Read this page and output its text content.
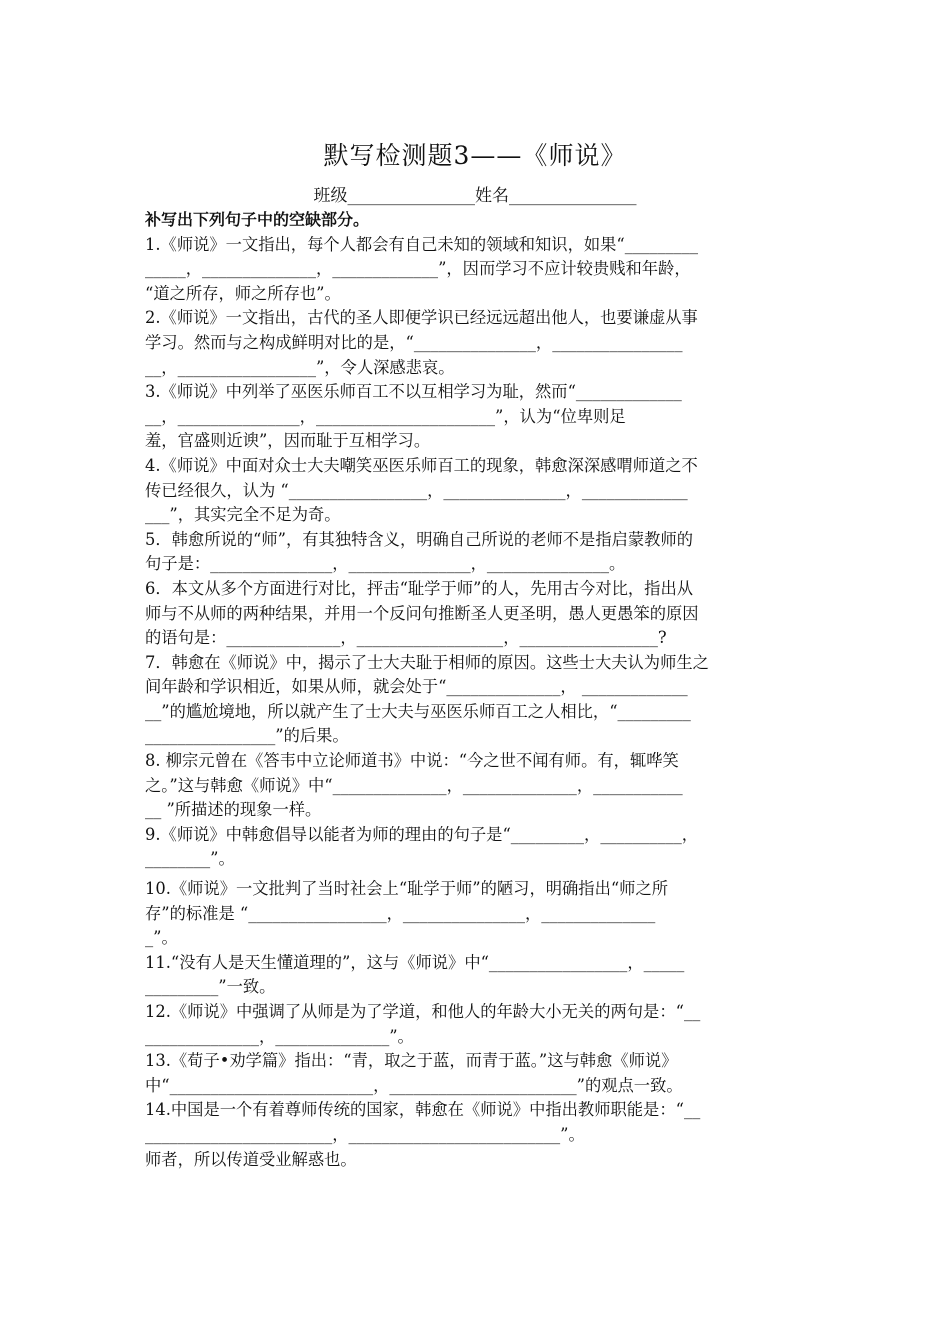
默写检测题3——《师说》
班级_______________姓名_______________
补写出下列句子中的空缺部分。
1.《师说》一文指出，每个人都会有自己未知的领域和知识，如果“_________
_____，______________，_____________”，因而学习不应计较贵贱和年龄，
“道之所存，师之所存也”。
2.《师说》一文指出，古代的圣人即便学识已经远远超出他人，也要谦虚从事
学习。然而与之构成鲜明对比的是，“_______________，________________
__，_________________”，令人深感悲哀。
3.《师说》中列举了巫医乐师百工不以互相学习为耻，然而“_____________
__，_______________，______________________”，认为“位卑则足
羞，官盛则近谀”，因而耻于互相学习。
4.《师说》中面对众士大夫嘲笑巫医乐师百工的现象，韩愈深深感喟师道之不
传已经很久，认为 “_________________，_______________，_____________
___”，其实完全不足为奇。
5．韩愈所说的“师”，有其独特含义，明确自己所说的老师不是指启蒙教师的
句子是：_______________，_______________，_______________。
6．本文从多个方面进行对比，抨击“耻学于师”的人，先用古今对比，指出从
师与不从师的两种结果，并用一个反问句推断圣人更圣明，愚人更愚笨的原因
的语句是：______________，__________________，_________________?
7．韩愈在《师说》中，揭示了士大夫耻于相师的原因。这些士大夫认为师生之
间年龄和学识相近，如果从师，就会处于“______________， _____________
__”的尴尬境地，所以就产生了士大夫与巫医乐师百工之人相比，“_________
________________”的后果。
8. 柳宗元曾在《答韦中立论师道书》中说：“今之世不闻有师。有，辄哗笑
之。”这与韩愈《师说》中“______________，______________，___________
__ ”所描述的现象一样。
9.《师说》中韩愈倡导以能者为师的理由的句子是“_________，__________，
________”。
10.《师说》一文批判了当时社会上“耻学于师”的陋习，明确指出“师之所
存”的标准是 “_________________，_______________，______________
_”。
11.“没有人是天生懂道理的”，这与《师说》中“_________________，_____
_________”一致。
12.《师说》中强调了从师是为了学道，和他人的年龄大小无关的两句是：“__
______________，______________”。
13.《荀子•劝学篇》指出：“青，取之于蓝，而青于蓝。”这与韩愈《师说》
中“_________________________，_______________________”的观点一致。
14.中国是一个有着尊师传统的国家，韩愈在《师说》中指出教师职能是：“__
_______________________，__________________________”。
师者，所以传道受业解惑也。
